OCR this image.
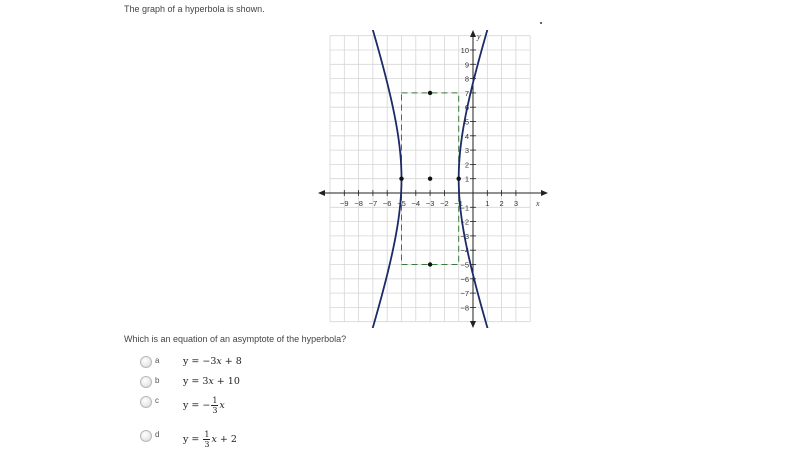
The graph of a hyperbola is shown.
−9 −8 −7 −6 −5 −4 −3 −2 −1	1 2 3
10
9
8
7
6
5
4
3
2
1
−1
−2
−3
−4
−5
−6
−7
−8
x
y
Which is an equation of an asymptote of the hyperbola?
a y = −3x + 8
b y = 3x + 10
c	y = − $\frac{1}{3}$ x
d $y = \frac{1}{3}$ x + 2
